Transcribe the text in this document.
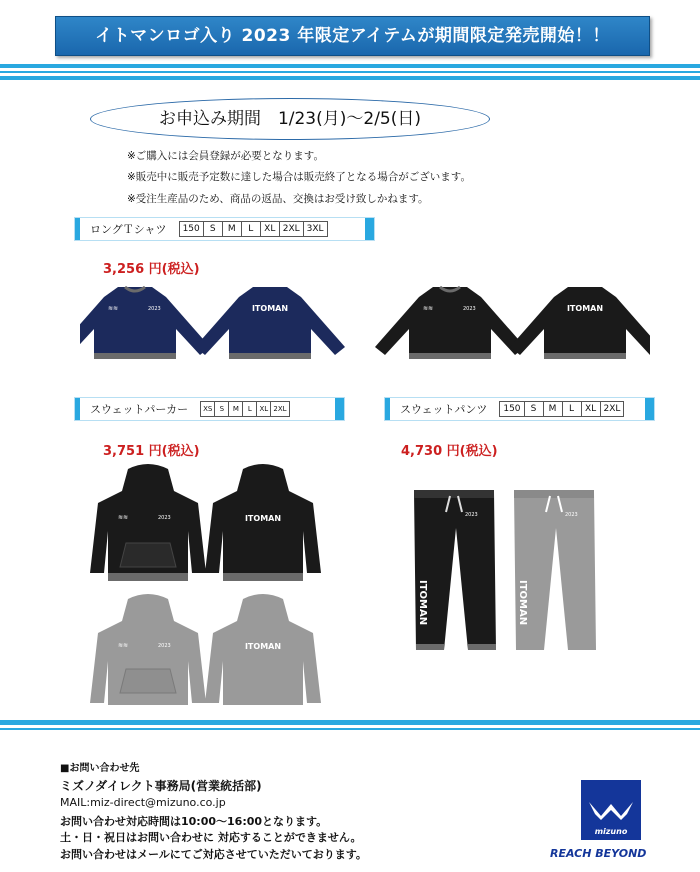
イトマンロゴ入り 2023 年限定アイテムが期間限定発売開始！！
お申込み期間　1/23(月)～2/5(日)
※ご購入には会員登録が必要となります。
※販売中に販売予定数に達した場合は販売終了となる場合がございます。
※受注生産品のため、商品の返品、交換はお受け致しかねます。
ロングＴシャツ	150	S	M	L	XL 2XL 3XL
3,256 円(税込)
≋≋	2023	ITOMAN	≋≋	2023	ITOMAN
スウェットパーカー XS	S	M	L	XL 2XL
3,751 円(税込)
スウェットパンツ	150	S	M	L	XL 2XL
4,730 円(税込)
≋≋	2023	ITOMAN
≋≋	2023	ITOMAN
2023
ITOMAN
2023
ITOMAN
■お問い合わせ先
ミズノダイレクト事務局(営業統括部)
MAIL:miz-direct@mizuno.co.jp
お問い合わせ対応時間は10:00～16:00となります。
土・日・祝日はお問い合わせに 対応することができません。
お問い合わせはメールにてご対応させていただいております。
mizuno
REACH BEYOND
